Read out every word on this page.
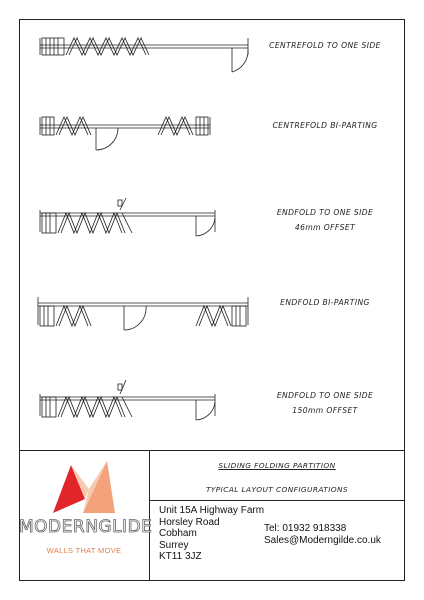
CENTREFOLD TO ONE SIDE
CENTREFOLD BI-PARTING
ENDFOLD TO ONE SIDE
46mm OFFSET
ENDFOLD BI-PARTING
ENDFOLD TO ONE SIDE
150mm OFFSET
MODERNGLIDE
WALLS THAT MOVE
SLIDING FOLDING PARTITION
TYPICAL LAYOUT CONFIGURATIONS
Unit 15A Highway Farm
Horsley Road
Cobham
Surrey
KT11 3JZ
Tel: 01932 918338
Sales@Moderngilde.co.uk
